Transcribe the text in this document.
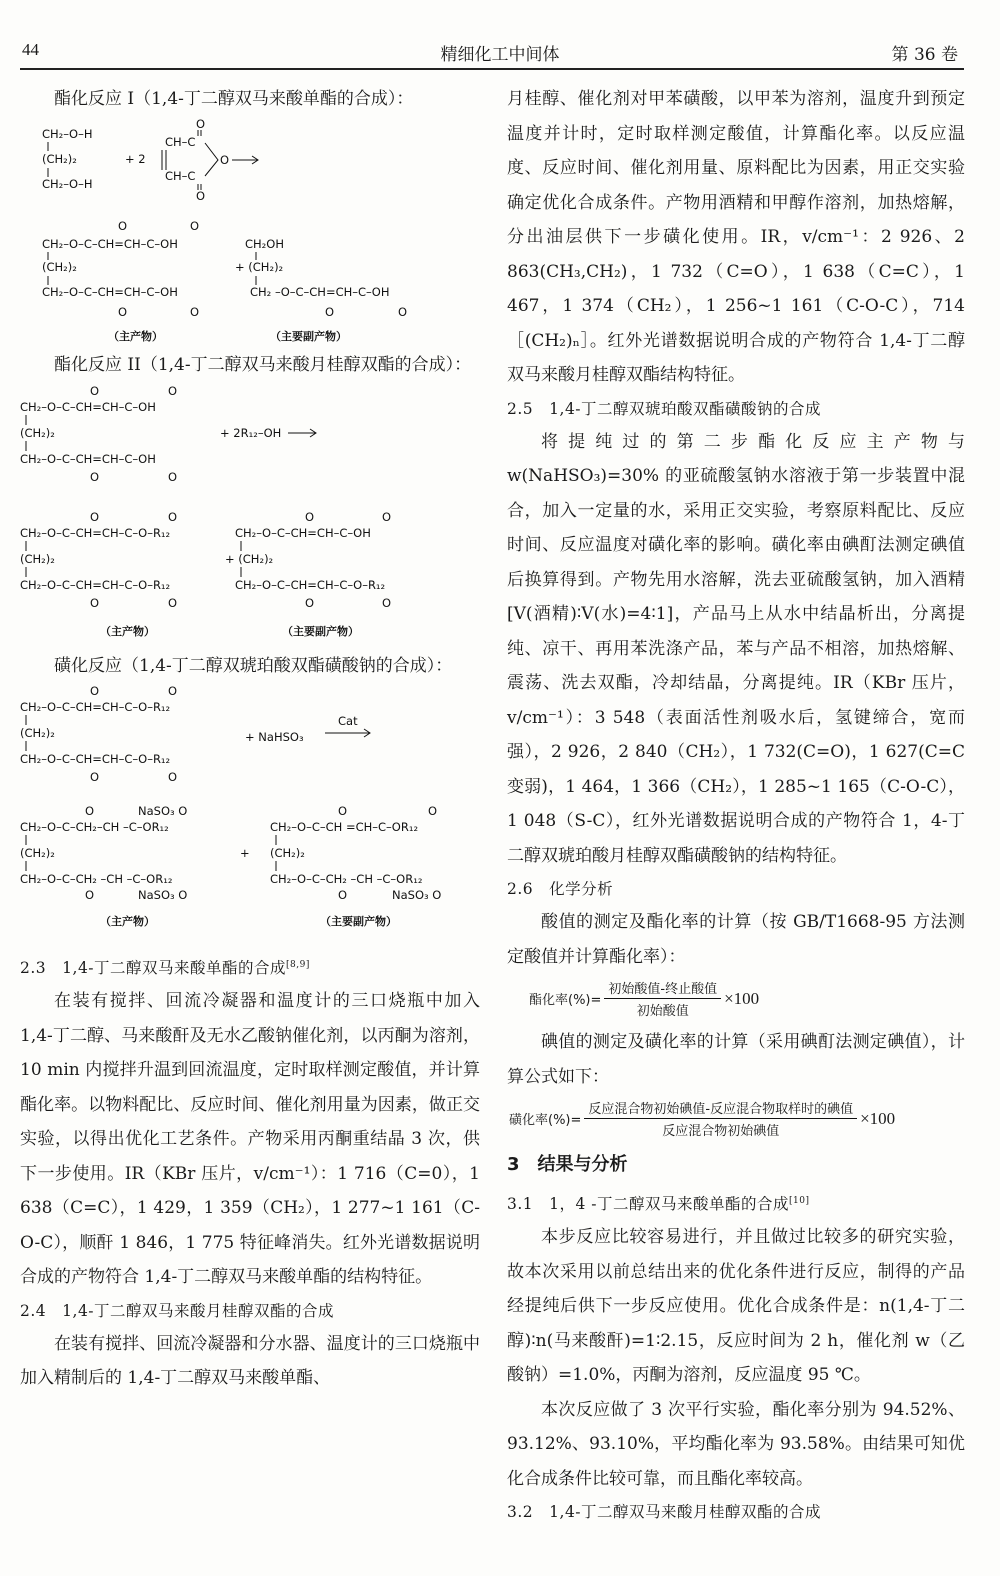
44	精细化工中间体	第 36 卷

酯化反应 I（1,4-丁二醇双马来酸单酯的合成）：

CH₂–O–H
(CH₂)₂
CH₂–O–H
+ 2
CH–C
CH–C
O
O
O
O	O
CH₂–O–C–CH=CH–C–OH
(CH₂)₂
CH₂–O–C–CH=CH–C–OH
O	O
CH₂OH
+ (CH₂)₂
CH₂ –O–C–CH=CH–C–OH
O	O
（主产物）	（主要副产物）

酯化反应 II（1,4-丁二醇双马来酸月桂醇双酯的合成）：

O	O
CH₂–O–C–CH=CH–C–OH
(CH₂)₂
CH₂–O–C–CH=CH–C–OH
O	O
+ 2R₁₂–OH
O	O
CH₂–O–C–CH=CH–C–O–R₁₂
(CH₂)₂
CH₂–O–C–CH=CH–C–O–R₁₂
O	O
O	O
CH₂–O–C–CH=CH–C–OH
+ (CH₂)₂
CH₂–O–C–CH=CH–C–O–R₁₂
O	O
（主产物）	（主要副产物）

磺化反应（1,4-丁二醇双琥珀酸双酯磺酸钠的合成）：

O	O
CH₂–O–C–CH=CH–C–O–R₁₂
(CH₂)₂
CH₂–O–C–CH=CH–C–O–R₁₂
O	O
+ NaHSO₃
Cat
NaSO₃ O
O
CH₂–O–C–CH₂–CH –C–OR₁₂
(CH₂)₂
CH₂–O–C–CH₂ –CH –C–OR₁₂
O	NaSO₃ O
+
O	O
CH₂–O–C–CH =CH–C–OR₁₂
(CH₂)₂
CH₂–O–C–CH₂ –CH –C–OR₁₂
O	NaSO₃ O
（主产物）	（主要副产物）

2.3　1,4-丁二醇双马来酸单酯的合成[8,9]

在装有搅拌、回流冷凝器和温度计的三口烧瓶中加入 1,4-丁二醇、马来酸酐及无水乙酸钠催化剂，以丙酮为溶剂，10 min 内搅拌升温到回流温度，定时取样测定酸值，并计算酯化率。以物料配比、反应时间、催化剂用量为因素，做正交实验，以得出优化工艺条件。产物采用丙酮重结晶 3 次，供下一步使用。IR（KBr 压片，v/cm⁻¹）：1 716（C=0），1 638（C=C），1 429，1 359（CH₂），1 277~1 161（C-O-C），顺酐 1 846，1 775 特征峰消失。红外光谱数据说明合成的产物符合 1,4-丁二醇双马来酸单酯的结构特征。

2.4　1,4-丁二醇双马来酸月桂醇双酯的合成

在装有搅拌、回流冷凝器和分水器、温度计的三口烧瓶中加入精制后的 1,4-丁二醇双马来酸单酯、

月桂醇、催化剂对甲苯磺酸，以甲苯为溶剂，温度升到预定温度并计时，定时取样测定酸值，计算酯化率。以反应温度、反应时间、催化剂用量、原料配比为因素，用正交实验确定优化合成条件。产物用酒精和甲醇作溶剂，加热熔解，分出油层供下一步磺化使用。IR，v/cm⁻¹：2 926、2 863(CH₃,CH₂)，1 732（C=O），1 638（C=C），1 467，1 374（CH₂），1 256~1 161（C-O-C），714［(CH₂)ₙ］。红外光谱数据说明合成的产物符合 1,4-丁二醇双马来酸月桂醇双酯结构特征。

2.5　1,4-丁二醇双琥珀酸双酯磺酸钠的合成

将提纯过的第二步酯化反应主产物与 w(NaHSO₃)=30% 的亚硫酸氢钠水溶液于第一步装置中混合，加入一定量的水，采用正交实验，考察原料配比、反应时间、反应温度对磺化率的影响。磺化率由碘酊法测定碘值后换算得到。产物先用水溶解，洗去亚硫酸氢钠，加入酒精[V(酒精)∶V(水)=4∶1]，产品马上从水中结晶析出，分离提纯、凉干、再用苯洗涤产品，苯与产品不相溶，加热熔解、震荡、洗去双酯，冷却结晶，分离提纯。IR（KBr 压片，v/cm⁻¹）：3 548（表面活性剂吸水后，氢键缔合，宽而强），2 926，2 840（CH₂），1 732(C=O)，1 627(C=C 变弱)，1 464，1 366（CH₂），1 285~1 165（C-O-C），1 048（S-C），红外光谱数据说明合成的产物符合 1，4-丁二醇双琥珀酸月桂醇双酯磺酸钠的结构特征。

2.6　化学分析

酸值的测定及酯化率的计算（按 GB/T1668-95 方法测定酸值并计算酯化率）：

酯化率(%)= $\frac{\text{初始酸值-终止酸值}}{\text{初始酸值}} \times 100$

碘值的测定及磺化率的计算（采用碘酊法测定碘值），计算公式如下：

磺化率(%)= $\frac{\text{反应混合物初始碘值-反应混合物取样时的碘值}}{\text{反应混合物初始碘值}} \times 100$

3　结果与分析

3.1　1，4 -丁二醇双马来酸单酯的合成[10]

本步反应比较容易进行，并且做过比较多的研究实验，故本次采用以前总结出来的优化条件进行反应，制得的产品经提纯后供下一步反应使用。优化合成条件是：n(1,4-丁二醇)∶n(马来酸酐)=1∶2.15，反应时间为 2 h，催化剂 w（乙酸钠）=1.0%，丙酮为溶剂，反应温度 95 ℃。

本次反应做了 3 次平行实验，酯化率分别为 94.52%、93.12%、93.10%，平均酯化率为 93.58%。由结果可知优化合成条件比较可靠，而且酯化率较高。

3.2　1,4-丁二醇双马来酸月桂醇双酯的合成
